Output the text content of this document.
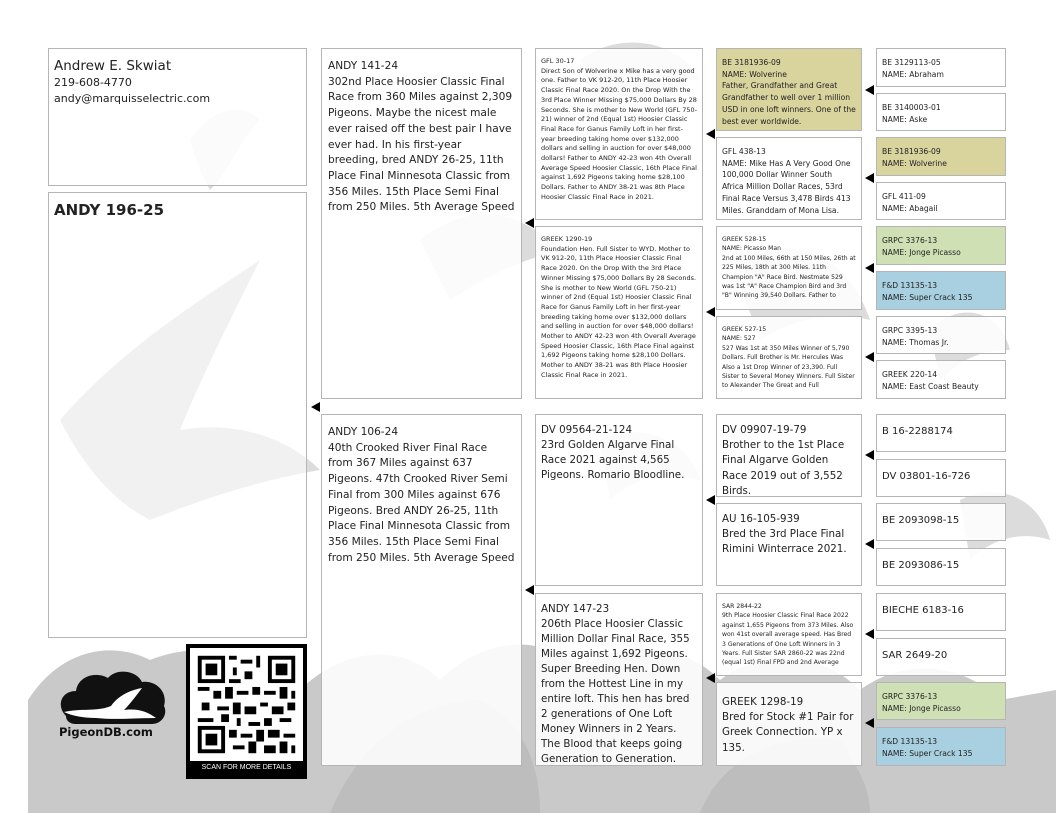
Andrew E. Skwiat
219-608-4770
andy@marquisselectric.com
ANDY 196-25
ANDY 141-24
302nd Place Hoosier Classic Final Race from 360 Miles against 2,309 Pigeons. Maybe the nicest male ever raised off the best pair I have ever had. In his first-year breeding, bred ANDY 26-25, 11th Place Final Minnesota Classic from 356 Miles. 15th Place Semi Final from 250 Miles. 5th Average Speed
ANDY 106-24
40th Crooked River Final Race from 367 Miles against 637 Pigeons. 47th Crooked River Semi Final from 300 Miles against 676 Pigeons. Bred ANDY 26-25, 11th Place Final Minnesota Classic from 356 Miles. 15th Place Semi Final from 250 Miles. 5th Average Speed
GFL 30-17
Direct Son of Wolverine x Mike has a very good one. Father to VK 912-20, 11th Place Hoosier Classic Final Race 2020. On the Drop With the 3rd Place Winner Missing $75,000 Dollars By 28 Seconds. She is mother to New World (GFL 750-21) winner of 2nd (Equal 1st) Hoosier Classic Final Race for Ganus Family Loft in her first-year breeding taking home over $132,000 dollars and selling in auction for over $48,000 dollars! Father to ANDY 42-23 won 4th Overall Average Speed Hoosier Classic, 16th Place Final against 1,692 Pigeons taking home $28,100 Dollars. Father to ANDY 38-21 was 8th Place Hoosier Classic Final Race in 2021.
GREEK 1290-19
Foundation Hen. Full Sister to WYD. Mother to VK 912-20, 11th Place Hoosier Classic Final Race 2020. On the Drop With the 3rd Place Winner Missing $75,000 Dollars By 28 Seconds. She is mother to New World (GFL 750-21) winner of 2nd (Equal 1st) Hoosier Classic Final Race for Ganus Family Loft in her first-year breeding taking home over $132,000 dollars and selling in auction for over $48,000 dollars! Mother to ANDY 42-23 won 4th Overall Average Speed Hoosier Classic, 16th Place Final against 1,692 Pigeons taking home $28,100 Dollars. Mother to ANDY 38-21 was 8th Place Hoosier Classic Final Race in 2021.
DV 09564-21-124
23rd Golden Algarve Final Race 2021 against 4,565 Pigeons. Romario Bloodline.
ANDY 147-23
206th Place Hoosier Classic Million Dollar Final Race, 355 Miles against 1,692 Pigeons. Super Breeding Hen. Down from the Hottest Line in my entire loft. This hen has bred 2 generations of One Loft Money Winners in 2 Years. The Blood that keeps going Generation to Generation.
BE 3181936-09
NAME: Wolverine
Father, Grandfather and Great Grandfather to well over 1 million USD in one loft winners. One of the best ever worldwide.
GFL 438-13
NAME: Mike Has A Very Good One
100,000 Dollar Winner South Africa Million Dollar Races, 53rd Final Race Versus 3,478 Birds 413 Miles. Granddam of Mona Lisa.
GREEK 528-15
NAME: Picasso Man
2nd at 100 Miles, 66th at 150 Miles, 26th at 225 Miles, 18th at 300 Miles. 11th Champion "A" Race Bird. Nestmate 529 was 1st "A" Race Champion Bird and 3rd "B" Winning 39,540 Dollars. Father to
GREEK 527-15
NAME: 527
527 Was 1st at 350 Miles Winner of 5,790 Dollars. Full Brother is Mr. Hercules Was Also a 1st Drop Winner of 23,390. Full Sister to Several Money Winners. Full Sister to Alexander The Great and Full
DV 09907-19-79
Brother to the 1st Place Final Algarve Golden Race 2019 out of 3,552 Birds.
AU 16-105-939
Bred the 3rd Place Final Rimini Winterrace 2021.
SAR 2844-22
9th Place Hoosier Classic Final Race 2022 against 1,655 Pigeons from 373 Miles. Also won 41st overall average speed. Has Bred 3 Generations of One Loft Winners in 3 Years. Full Sister SAR 2860-22 was 22nd (equal 1st) Final FPD and 2nd Average
GREEK 1298-19
Bred for Stock #1 Pair for Greek Connection. YP x 135.
BE 3129113-05
NAME: Abraham
BE 3140003-01
NAME: Aske
BE 3181936-09
NAME: Wolverine
GFL 411-09
NAME: Abagail
GRPC 3376-13
NAME: Jonge Picasso
F&D 13135-13
NAME: Super Crack 135
GRPC 3395-13
NAME: Thomas Jr.
GREEK 220-14
NAME: East Coast Beauty
B 16-2288174
DV 03801-16-726
BE 2093098-15
BE 2093086-15
BIECHE 6183-16
SAR 2649-20
GRPC 3376-13
NAME: Jonge Picasso
F&D 13135-13
NAME: Super Crack 135
PigeonDB.com
SCAN FOR MORE DETAILS
